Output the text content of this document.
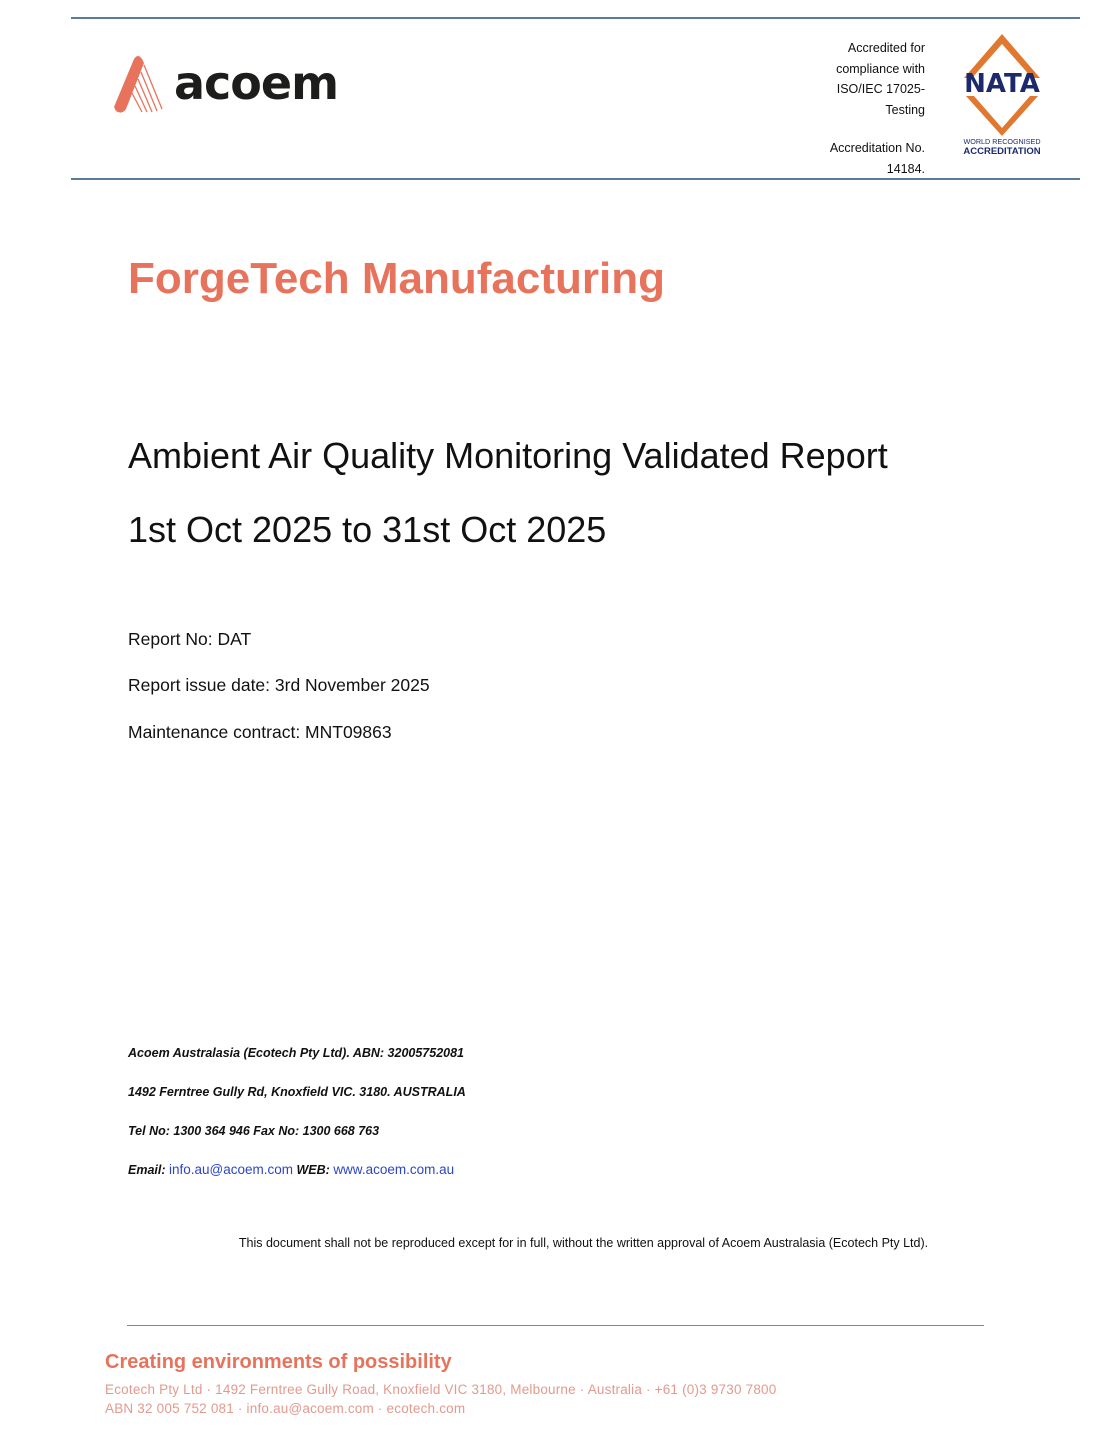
acoem

Accredited for

compliance with

ISO/IEC 17025-

Testing

Accreditation No.

14184.

NATA
WORLD RECOGNISED
ACCREDITATION
ForgeTech Manufacturing
Ambient Air Quality Monitoring Validated Report
1st Oct 2025 to 31st Oct 2025
Report No: DAT
Report issue date: 3rd November 2025
Maintenance contract: MNT09863
Acoem Australasia (Ecotech Pty Ltd). ABN: 32005752081
1492 Ferntree Gully Rd, Knoxfield VIC. 3180. AUSTRALIA
Tel No: 1300 364 946 Fax No: 1300 668 763
Email: info.au@acoem.com WEB: www.acoem.com.au
This document shall not be reproduced except for in full, without the written approval of Acoem Australasia (Ecotech Pty Ltd).
Creating environments of possibility
Ecotech Pty Ltd · 1492 Ferntree Gully Road, Knoxfield VIC 3180, Melbourne · Australia · +61 (0)3 9730 7800
ABN 32 005 752 081 · info.au@acoem.com · ecotech.com
